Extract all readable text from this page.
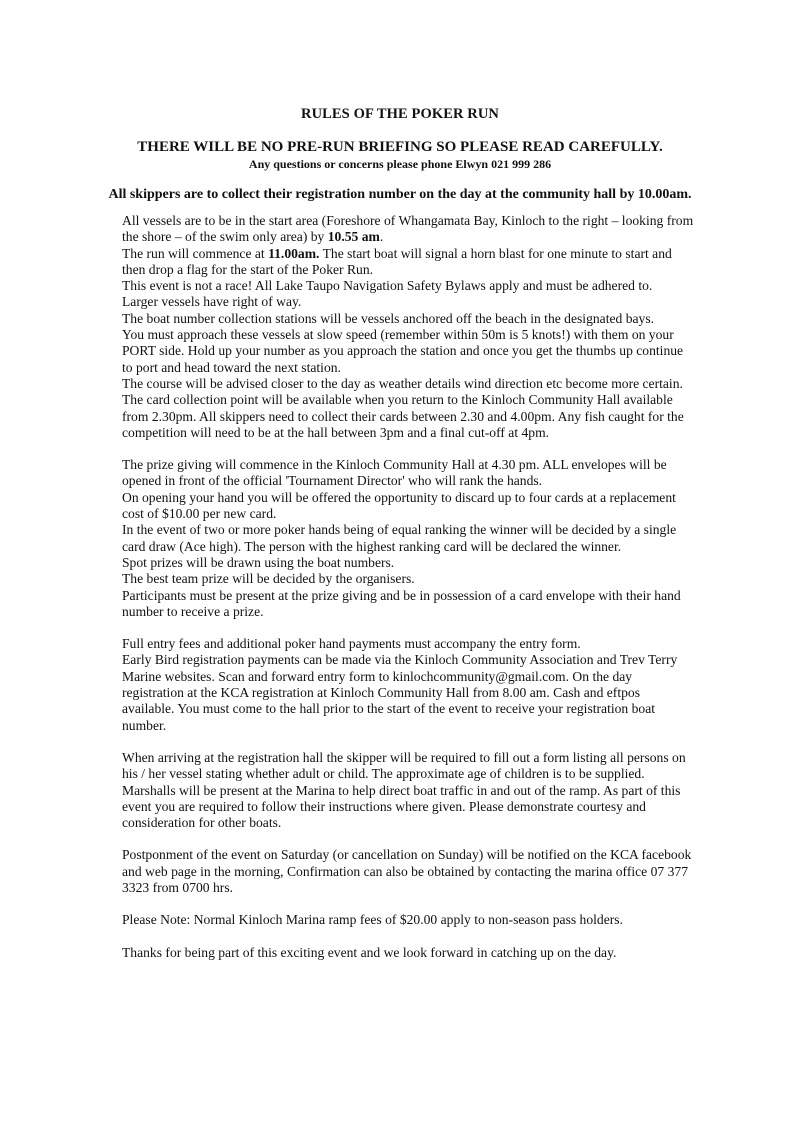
RULES OF THE POKER RUN
THERE WILL BE NO PRE-RUN BRIEFING SO PLEASE READ CAREFULLY.
Any questions or concerns please phone Elwyn 021 999 286
All skippers are to collect their registration number on the day at the community hall by 10.00am.

All vessels are to be in the start area (Foreshore of Whangamata Bay, Kinloch to the right – looking from the shore – of the swim only area) by 10.55 am.

The run will commence at 11.00am. The start boat will signal a horn blast for one minute to start and then drop a flag for the start of the Poker Run.

This event is not a race! All Lake Taupo Navigation Safety Bylaws apply and must be adhered to.

Larger vessels have right of way.

The boat number collection stations will be vessels anchored off the beach in the designated bays.

You must approach these vessels at slow speed (remember within 50m is 5 knots!) with them on your PORT side. Hold up your number as you approach the station and once you get the thumbs up continue to port and head toward the next station.

The course will be advised closer to the day as weather details wind direction etc become more certain.

The card collection point will be available when you return to the Kinloch Community Hall available from 2.30pm. All skippers need to collect their cards between 2.30 and 4.00pm. Any fish caught for the competition will need to be at the hall between 3pm and a final cut-off at 4pm.

The prize giving will commence in the Kinloch Community Hall at 4.30 pm. ALL envelopes will be opened in front of the official 'Tournament Director' who will rank the hands.

On opening your hand you will be offered the opportunity to discard up to four cards at a replacement cost of $10.00 per new card.

In the event of two or more poker hands being of equal ranking the winner will be decided by a single card draw (Ace high). The person with the highest ranking card will be declared the winner.

Spot prizes will be drawn using the boat numbers.

The best team prize will be decided by the organisers.

Participants must be present at the prize giving and be in possession of a card envelope with their hand number to receive a prize.

Full entry fees and additional poker hand payments must accompany the entry form.

Early Bird registration payments can be made via the Kinloch Community Association and Trev Terry Marine websites. Scan and forward entry form to kinlochcommunity@gmail.com. On the day registration at the KCA registration at Kinloch Community Hall from 8.00 am. Cash and eftpos available. You must come to the hall prior to the start of the event to receive your registration boat number.

When arriving at the registration hall the skipper will be required to fill out a form listing all persons on his / her vessel stating whether adult or child. The approximate age of children is to be supplied.

Marshalls will be present at the Marina to help direct boat traffic in and out of the ramp. As part of this event you are required to follow their instructions where given. Please demonstrate courtesy and consideration for other boats.

Postponment of the event on Saturday (or cancellation on Sunday) will be notified on the KCA facebook and web page in the morning, Confirmation can also be obtained by contacting the marina office 07 377 3323 from 0700 hrs.

Please Note: Normal Kinloch Marina ramp fees of $20.00 apply to non-season pass holders.

Thanks for being part of this exciting event and we look forward in catching up on the day.
